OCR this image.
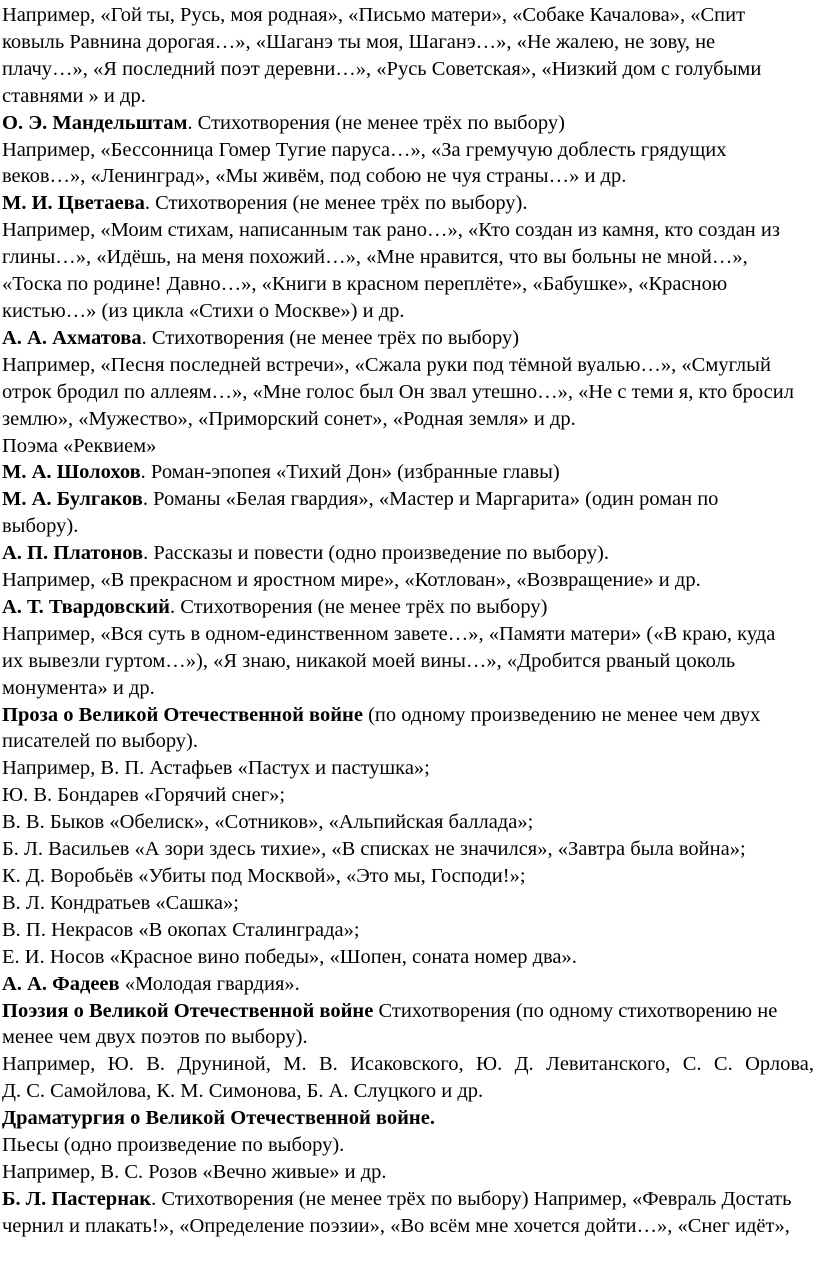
Например, «Гой ты, Русь, моя родная», «Письмо матери», «Собаке Качалова», «Спит
ковыль Равнина дорогая…», «Шаганэ ты моя, Шаганэ…», «Не жалею, не зову, не
плачу…», «Я последний поэт деревни…», «Русь Советская», «Низкий дом с голубыми
ставнями » и др.
О. Э. Мандельштам. Стихотворения (не менее трёх по выбору)
Например, «Бессонница Гомер Тугие паруса…», «За гремучую доблесть грядущих
веков…», «Ленинград», «Мы живём, под собою не чуя страны…» и др.
М. И. Цветаева. Стихотворения (не менее трёх по выбору).
Например, «Моим стихам, написанным так рано…», «Кто создан из камня, кто создан из
глины…», «Идёшь, на меня похожий…», «Мне нравится, что вы больны не мной…»,
«Тоска по родине! Давно…», «Книги в красном переплёте», «Бабушке», «Красною
кистью…» (из цикла «Стихи о Москве») и др.
А. А. Ахматова. Стихотворения (не менее трёх по выбору)
Например, «Песня последней встречи», «Сжала руки под тёмной вуалью…», «Смуглый
отрок бродил по аллеям…», «Мне голос был Он звал утешно…», «Не с теми я, кто бросил
землю», «Мужество», «Приморский сонет», «Родная земля» и др.
Поэма «Реквием»
М. А. Шолохов. Роман-эпопея «Тихий Дон» (избранные главы)
М. А. Булгаков. Романы «Белая гвардия», «Мастер и Маргарита» (один роман по
выбору).
А. П. Платонов. Рассказы и повести (одно произведение по выбору).
Например, «В прекрасном и яростном мире», «Котлован», «Возвращение» и др.
А. Т. Твардовский. Стихотворения (не менее трёх по выбору)
Например, «Вся суть в одном-единственном завете…», «Памяти матери» («В краю, куда
их вывезли гуртом…»), «Я знаю, никакой моей вины…», «Дробится рваный цоколь
монумента» и др.
Проза о Великой Отечественной войне (по одному произведению не менее чем двух
писателей по выбору).
Например, В. П. Астафьев «Пастух и пастушка»;
Ю. В. Бондарев «Горячий снег»;
В. В. Быков «Обелиск», «Сотников», «Альпийская баллада»;
Б. Л. Васильев «А зори здесь тихие», «В списках не значился», «Завтра была война»;
К. Д. Воробьёв «Убиты под Москвой», «Это мы, Господи!»;
В. Л. Кондратьев «Сашка»;
В. П. Некрасов «В окопах Сталинграда»;
Е. И. Носов «Красное вино победы», «Шопен, соната номер два».
А. А. Фадеев «Молодая гвардия».
Поэзия о Великой Отечественной войне Стихотворения (по одному стихотворению не
менее чем двух поэтов по выбору).
Например, Ю. В. Друниной, М. В. Исаковского, Ю. Д. Левитанского, С. С. Орлова,
Д. С. Самойлова, К. М. Симонова, Б. А. Слуцкого и др.
Драматургия о Великой Отечественной войне.
Пьесы (одно произведение по выбору).
Например, В. С. Розов «Вечно живые» и др.
Б. Л. Пастернак. Стихотворения (не менее трёх по выбору) Например, «Февраль Достать
чернил и плакать!», «Определение поэзии», «Во всём мне хочется дойти…», «Снег идёт»,
